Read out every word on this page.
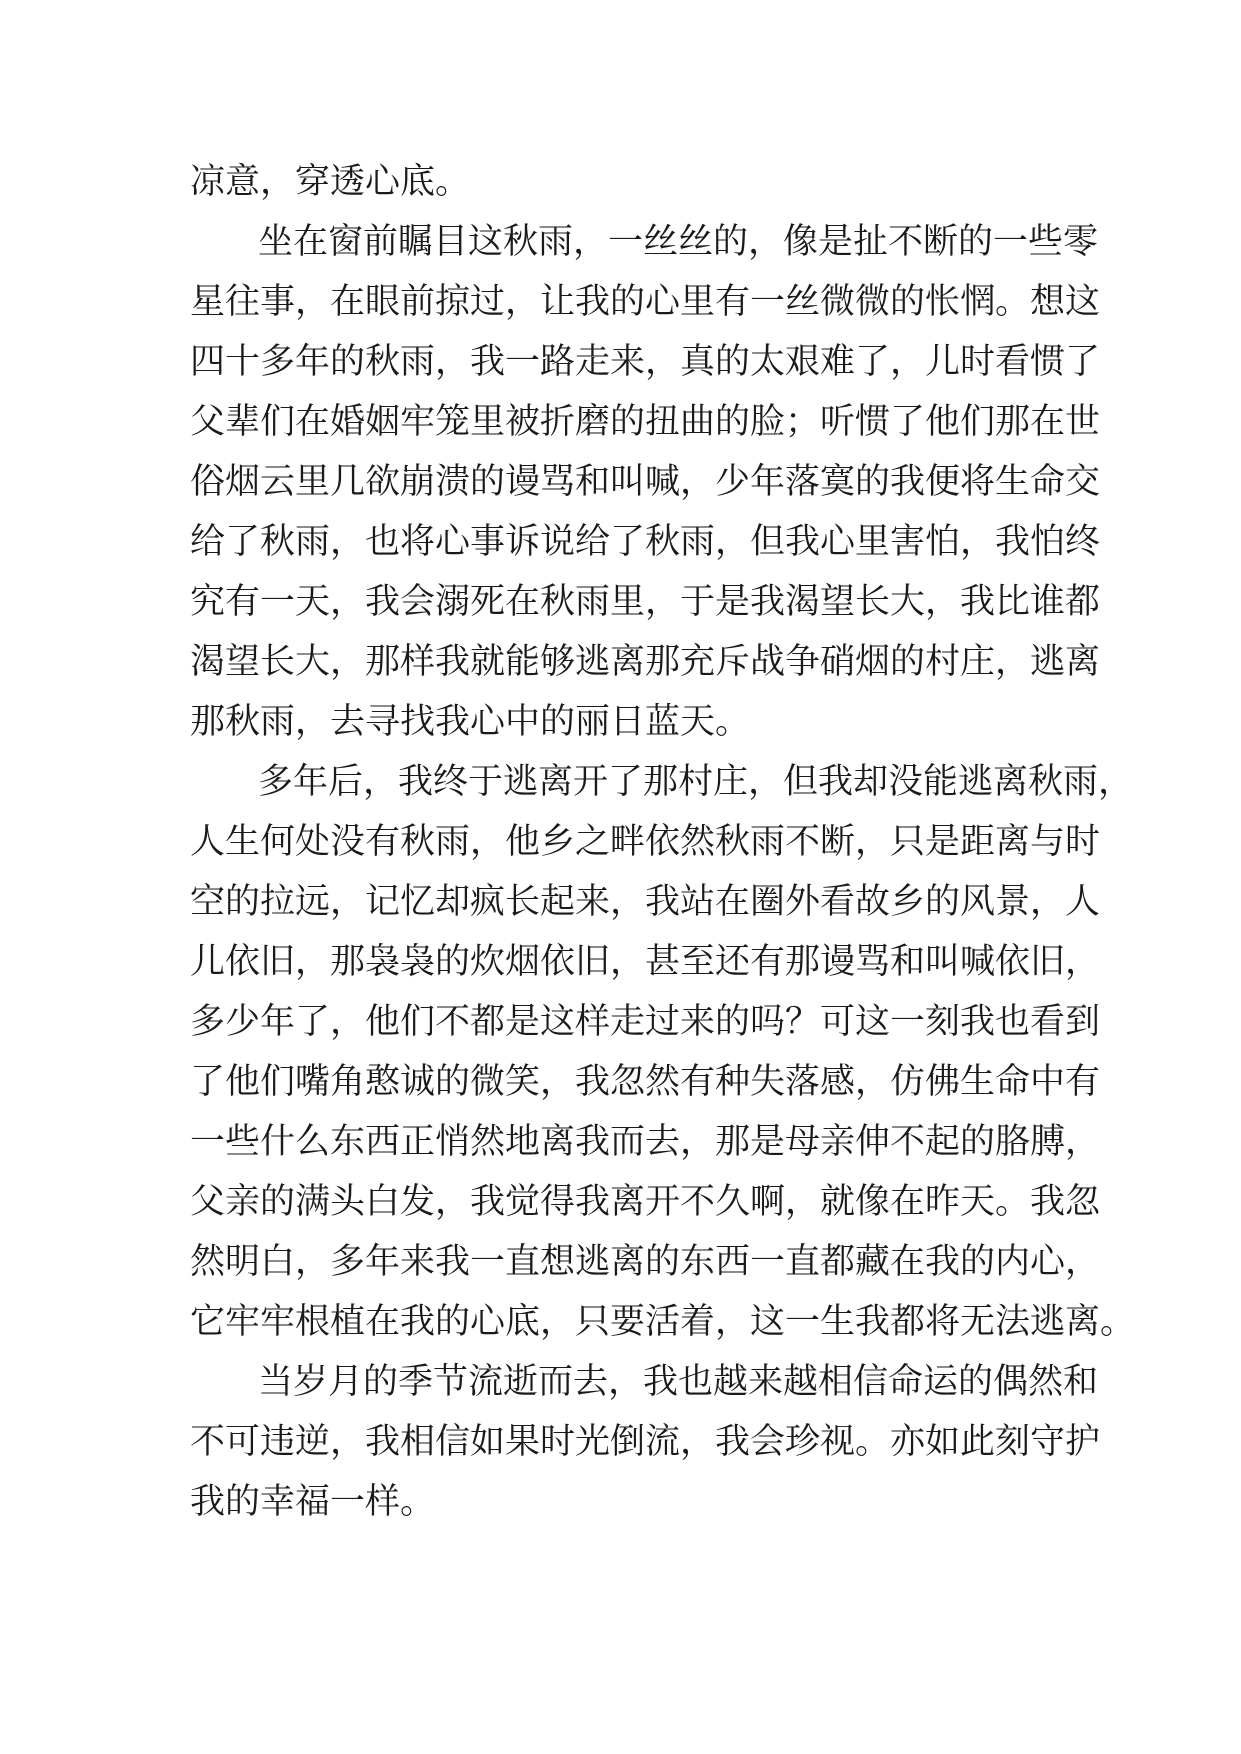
凉意，穿透心底。
坐在窗前瞩目这秋雨，一丝丝的，像是扯不断的一些零
星往事，在眼前掠过，让我的心里有一丝微微的怅惘。想这
四十多年的秋雨，我一路走来，真的太艰难了，儿时看惯了
父辈们在婚姻牢笼里被折磨的扭曲的脸；听惯了他们那在世
俗烟云里几欲崩溃的谩骂和叫喊，少年落寞的我便将生命交
给了秋雨，也将心事诉说给了秋雨，但我心里害怕，我怕终
究有一天，我会溺死在秋雨里，于是我渴望长大，我比谁都
渴望长大，那样我就能够逃离那充斥战争硝烟的村庄，逃离
那秋雨，去寻找我心中的丽日蓝天。
多年后，我终于逃离开了那村庄，但我却没能逃离秋雨，
人生何处没有秋雨，他乡之畔依然秋雨不断，只是距离与时
空的拉远，记忆却疯长起来，我站在圈外看故乡的风景，人
儿依旧，那袅袅的炊烟依旧，甚至还有那谩骂和叫喊依旧，
多少年了，他们不都是这样走过来的吗？可这一刻我也看到
了他们嘴角憨诚的微笑，我忽然有种失落感，仿佛生命中有
一些什么东西正悄然地离我而去，那是母亲伸不起的胳膊，
父亲的满头白发，我觉得我离开不久啊，就像在昨天。我忽
然明白，多年来我一直想逃离的东西一直都藏在我的内心，
它牢牢根植在我的心底，只要活着，这一生我都将无法逃离。
当岁月的季节流逝而去，我也越来越相信命运的偶然和
不可违逆，我相信如果时光倒流，我会珍视。亦如此刻守护
我的幸福一样。
